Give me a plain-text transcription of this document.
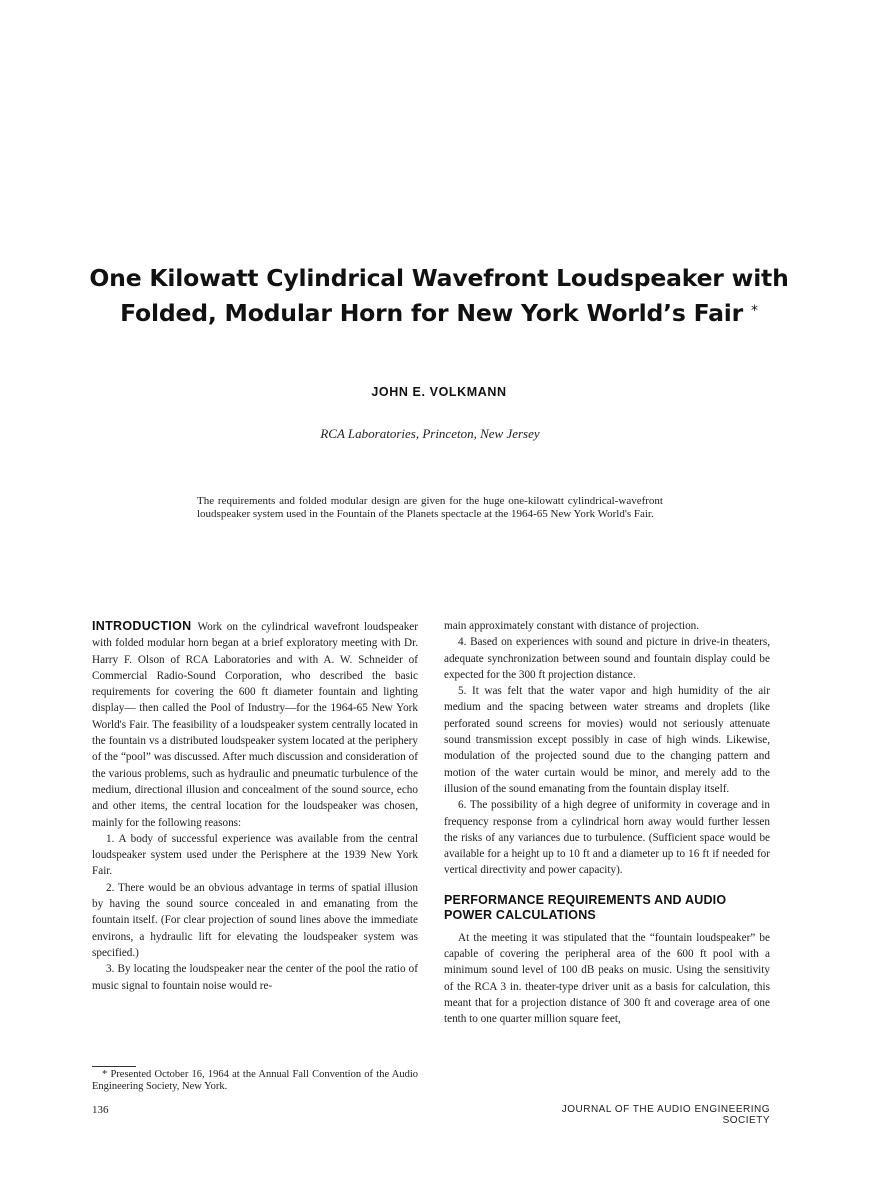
One Kilowatt Cylindrical Wavefront Loudspeaker with
Folded, Modular Horn for New York World’s Fair *
JOHN E. VOLKMANN
RCA Laboratories, Princeton, New Jersey
The requirements and folded modular design are given for the huge one-kilowatt cylindrical-wavefront loudspeaker system used in the Fountain of the Planets spectacle at the 1964-65 New York World's Fair.

INTRODUCTION Work on the cylindrical wavefront loudspeaker with folded modular horn began at a brief exploratory meeting with Dr. Harry F. Olson of RCA Laboratories and with A. W. Schneider of Commercial Radio-Sound Corporation, who described the basic requirements for covering the 600 ft diameter fountain and lighting display— then called the Pool of Industry—for the 1964-65 New York World's Fair. The feasibility of a loudspeaker system centrally located in the fountain vs a distributed loudspeaker system located at the periphery of the “pool” was discussed. After much discussion and consideration of the various problems, such as hydraulic and pneumatic turbulence of the medium, directional illusion and concealment of the sound source, echo and other items, the central location for the loudspeaker was chosen, mainly for the following reasons:

1. A body of successful experience was available from the central loudspeaker system used under the Perisphere at the 1939 New York Fair.

2. There would be an obvious advantage in terms of spatial illusion by having the sound source concealed in and emanating from the fountain itself. (For clear projection of sound lines above the immediate environs, a hydraulic lift for elevating the loudspeaker system was specified.)

3. By locating the loudspeaker near the center of the pool the ratio of music signal to fountain noise would re-

main approximately constant with distance of projection.

4. Based on experiences with sound and picture in drive-in theaters, adequate synchronization between sound and fountain display could be expected for the 300 ft projection distance.

5. It was felt that the water vapor and high humidity of the air medium and the spacing between water streams and droplets (like perforated sound screens for movies) would not seriously attenuate sound transmission except possibly in case of high winds. Likewise, modulation of the projected sound due to the changing pattern and motion of the water curtain would be minor, and merely add to the illusion of the sound emanating from the fountain display itself.

6. The possibility of a high degree of uniformity in coverage and in frequency response from a cylindrical horn away would further lessen the risks of any variances due to turbulence. (Sufficient space would be available for a height up to 10 ft and a diameter up to 16 ft if needed for vertical directivity and power capacity).

PERFORMANCE REQUIREMENTS AND AUDIO POWER CALCULATIONS

At the meeting it was stipulated that the “fountain loudspeaker” be capable of covering the peripheral area of the 600 ft pool with a minimum sound level of 100 dB peaks on music. Using the sensitivity of the RCA 3 in. theater-type driver unit as a basis for calculation, this meant that for a projection distance of 300 ft and coverage area of one tenth to one quarter million square feet,

* Presented October 16, 1964 at the Annual Fall Convention of the Audio Engineering Society, New York.
136	JOURNAL OF THE AUDIO ENGINEERING SOCIETY
